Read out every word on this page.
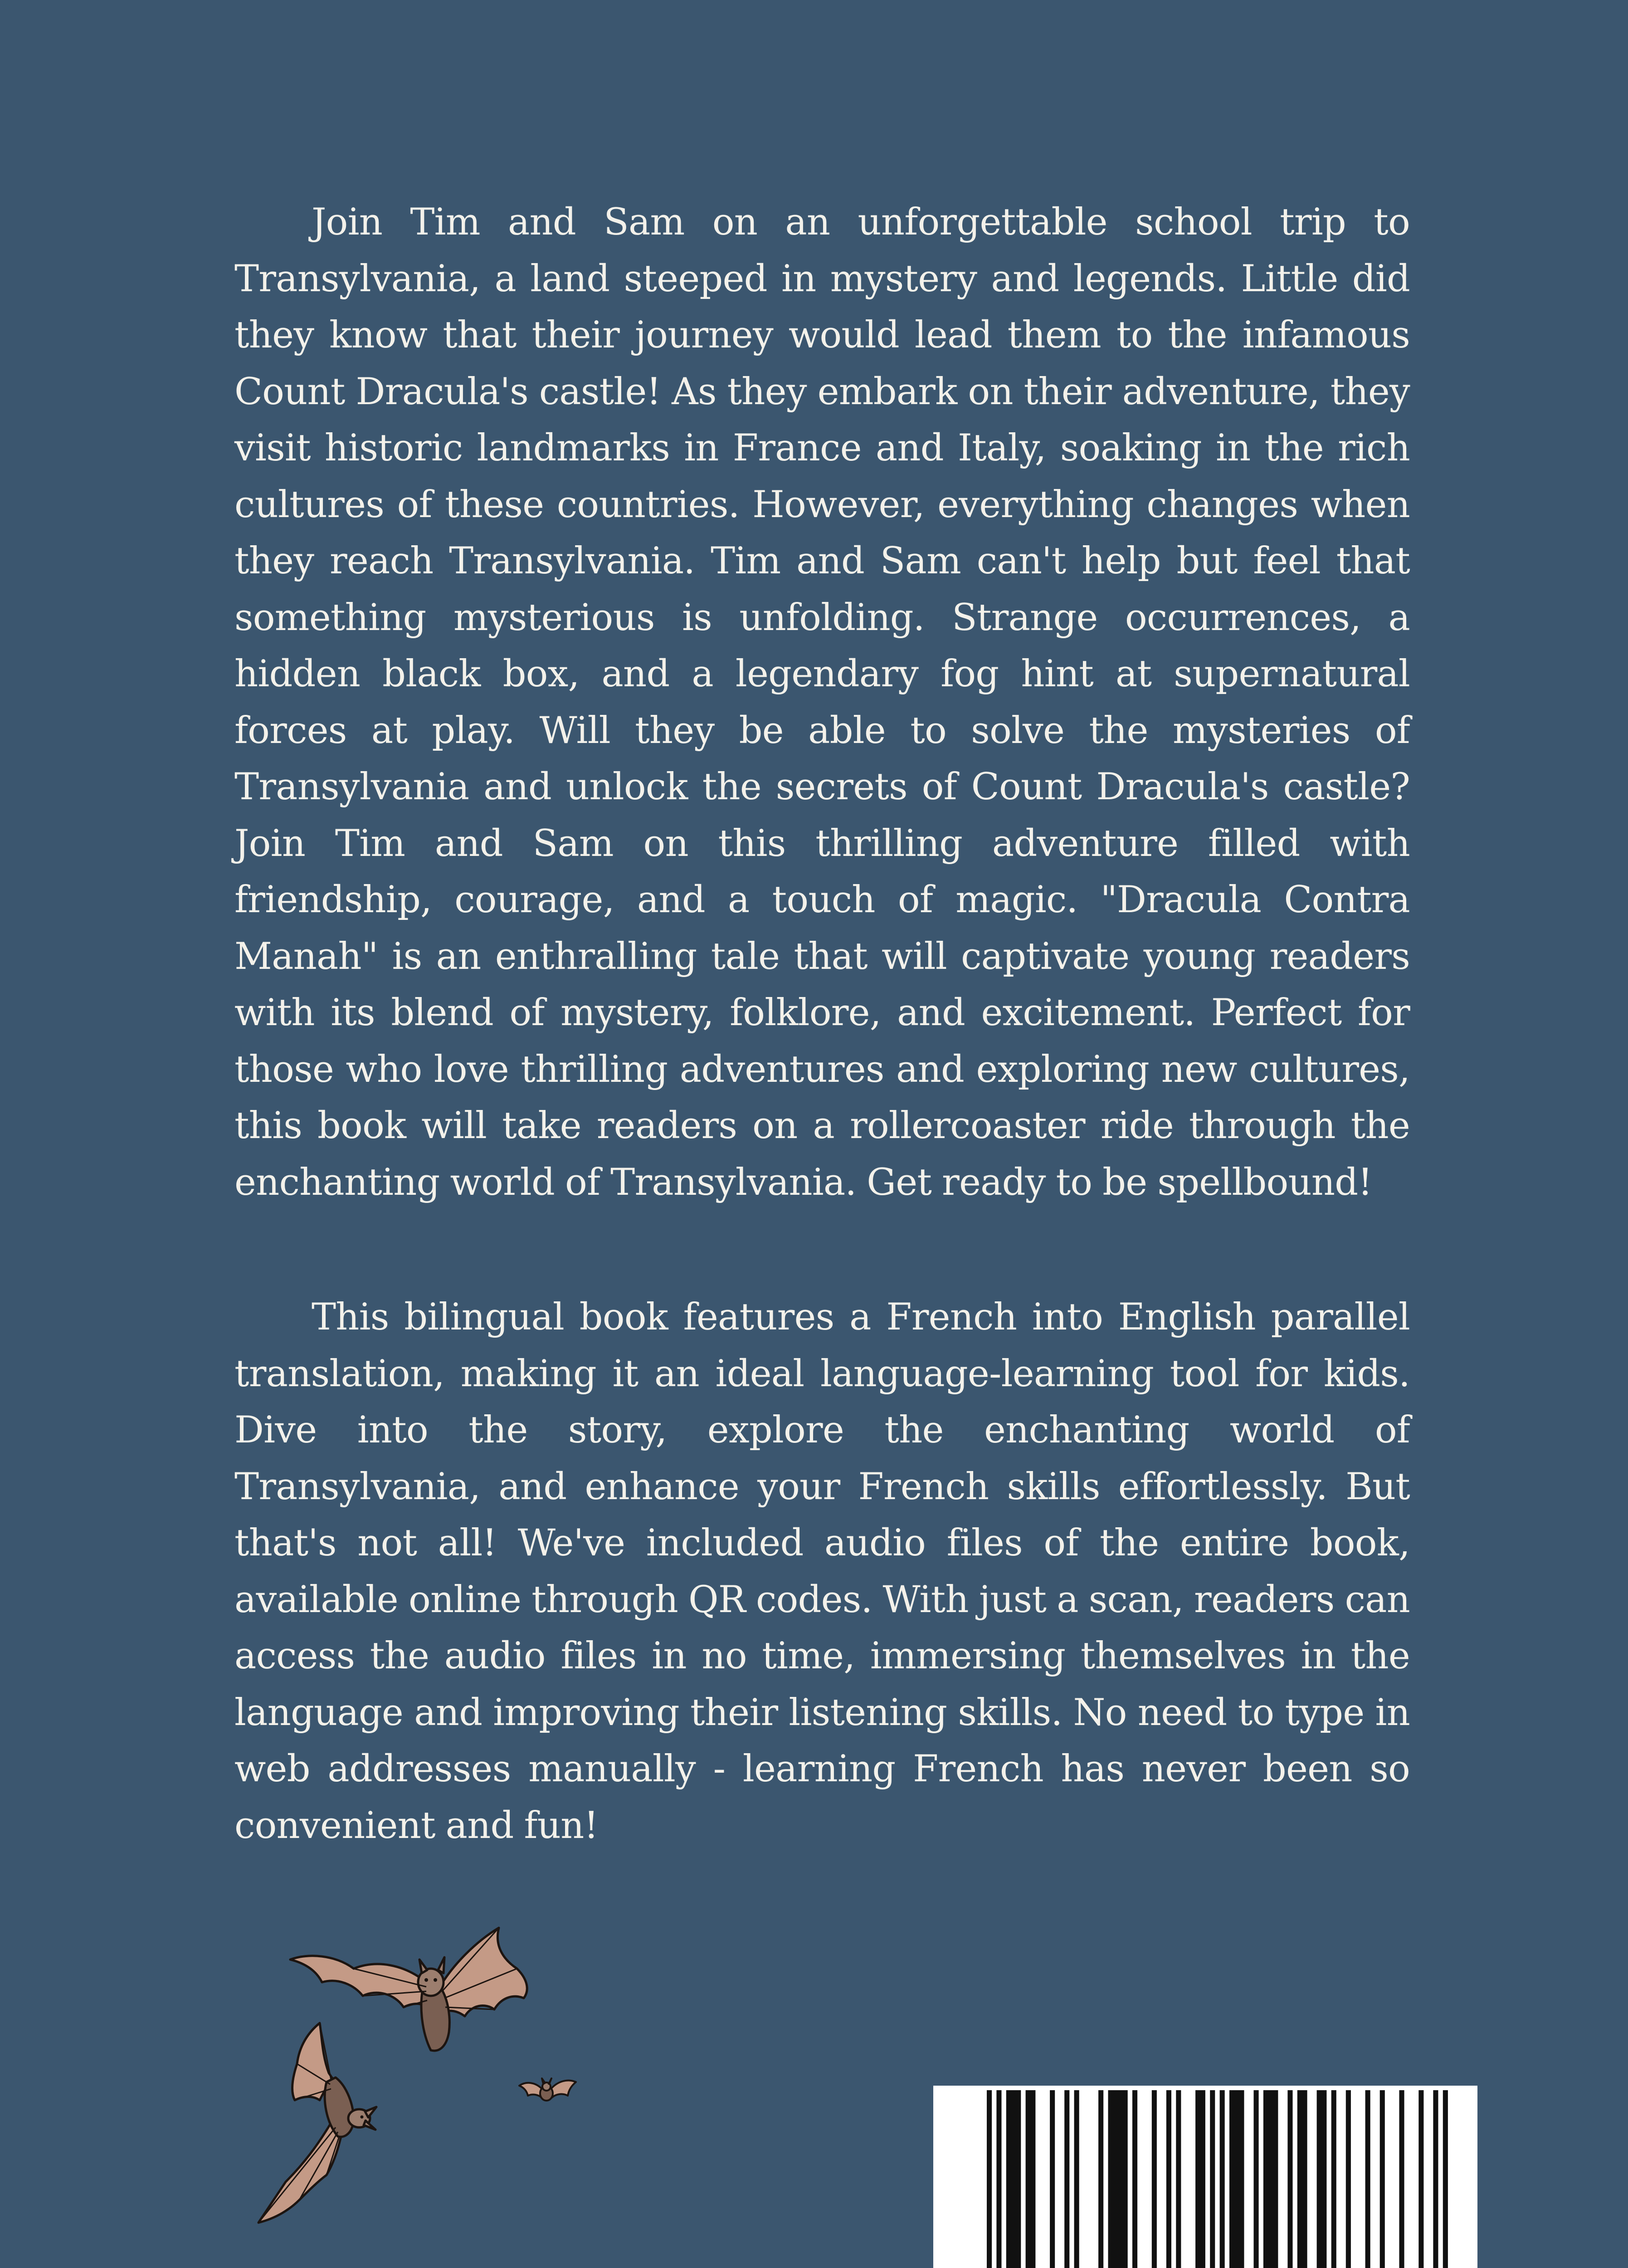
Join Tim and Sam on an unforgettable school trip to Transylvania, a land steeped in mystery and legends. Little did they know that their journey would lead them to the infamous Count Dracula's castle! As they embark on their adventure, they visit historic landmarks in France and Italy, soaking in the rich cultures of these countries. However, everything changes when they reach Transylvania. Tim and Sam can't help but feel that something mysterious is unfolding. Strange occurrences, a hidden black box, and a legendary fog hint at supernatural forces at play. Will they be able to solve the mysteries of Transylvania and unlock the secrets of Count Dracula's castle? Join Tim and Sam on this thrilling adventure filled with friendship, courage, and a touch of magic. "Dracula Contra Manah" is an enthralling tale that will captivate young readers with its blend of mystery, folklore, and excitement. Perfect for those who love thrilling adventures and exploring new cultures, this book will take readers on a rollercoaster ride through the enchanting world of Transylvania. Get ready to be spellbound!

This bilingual book features a French into English parallel translation, making it an ideal language-learning tool for kids. Dive into the story, explore the enchanting world of Transylvania, and enhance your French skills effortlessly. But that's not all! We've included audio files of the entire book, available online through QR codes. With just a scan, readers can access the audio files in no time, immersing themselves in the language and improving their listening skills. No need to type in web addresses manually - learning French has never been so convenient and fun!
